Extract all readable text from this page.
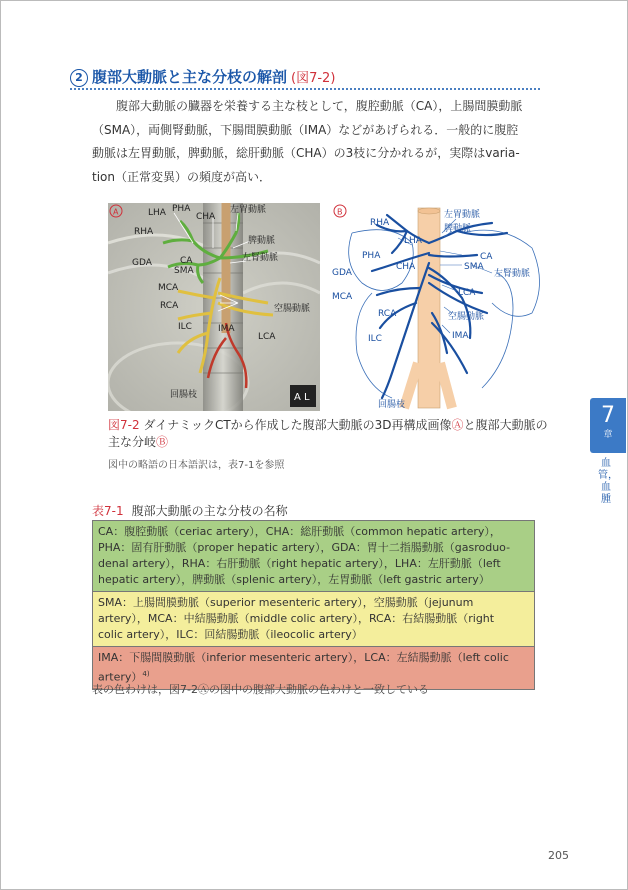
2 腹部大動脈と主な分枝の解剖 (図7-2)

腹部大動脈の臓器を栄養する主な枝として，腹腔動脈（CA），上腸間膜動脈

（SMA），両側腎動脈，下腸間膜動脈（IMA）などがあげられる．一般的に腹腔

動脈は左胃動脈，脾動脈，総肝動脈（CHA）の3枝に分かれるが，実際はvaria-

tion（正常変異）の頻度が高い．

LHA PHA
CHA
左胃動脈
RHA
脾動脈
GDA	CA	左腎動脈
SMA
MCA
RCA	空腸動脈
ILC	IMA
LCA
回腸枝	A L
A
RHA
左胃動脈
LHA
脾動脈
PHA
CHA
CA
GDA
SMA
左腎動脈
LCA
MCA
空腸動脈
RCA
IMA
ILC
回腸枝
B
図7-2 ダイナミックCTから作成した腹部大動脈の3D再構成画像Ⓐと腹部大動脈の主な分岐Ⓑ
図中の略語の日本語訳は，表7-1を参照
7
章
血管，血腫
表7-1 腹部大動脈の主な分枝の名称
CA：腹腔動脈（ceriac artery），CHA：総肝動脈（common hepatic artery），
PHA：固有肝動脈（proper hepatic artery），GDA：胃十二指腸動脈（gasroduo-
denal artery），RHA：右肝動脈（right hepatic artery），LHA：左肝動脈（left
hepatic artery），脾動脈（splenic artery），左胃動脈（left gastric artery）
SMA：上腸間膜動脈（superior mesenteric artery），空腸動脈（jejunum
artery），MCA：中結腸動脈（middle colic artery），RCA：右結腸動脈（right
colic artery），ILC：回結腸動脈（ileocolic artery）
IMA：下腸間膜動脈（inferior mesenteric artery），LCA：左結腸動脈（left colic
artery）$^{4)}$
表の色わけは，図7-2Ⓐの図中の腹部大動脈の色わけと一致している
205
